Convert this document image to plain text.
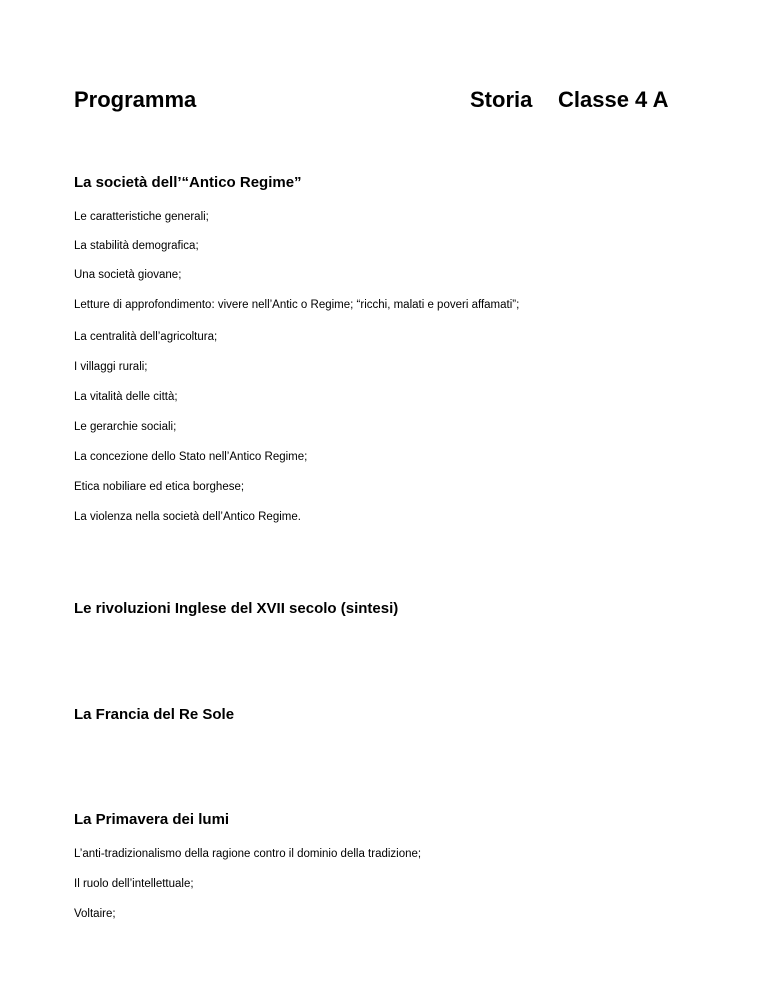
Programma	Storia Classe 4 A
La società dell’“Antico Regime”
Le caratteristiche generali;
La stabilità demografica;
Una società giovane;
Letture di approfondimento: vivere nell’Antic o Regime; “ricchi, malati e poveri affamati”;
La centralità dell’agricoltura;
I villaggi rurali;
La vitalità delle città;
Le gerarchie sociali;
La concezione dello Stato nell’Antico Regime;
Etica nobiliare ed etica borghese;
La violenza nella società dell’Antico Regime.
Le rivoluzioni Inglese del XVII secolo (sintesi)
La Francia del Re Sole
La Primavera dei lumi
L’anti-tradizionalismo della ragione contro il dominio della tradizione;
Il ruolo dell’intellettuale;
Voltaire;
